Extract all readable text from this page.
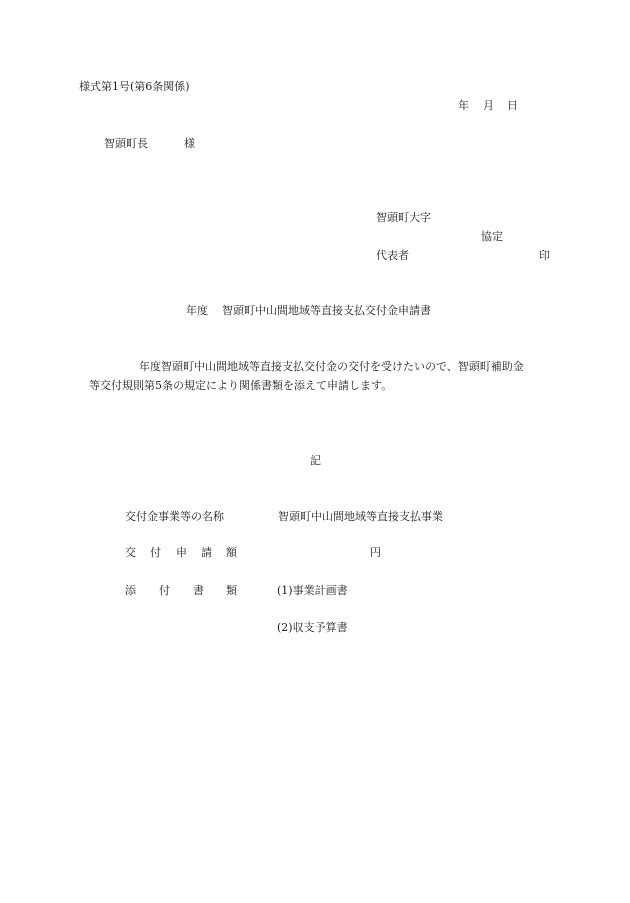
様式第1号(第6条関係)
年 月 日
智頭町長	様
智頭町大字
協定
代表者	印
年度 智頭町中山間地域等直接支払交付金申請書
年度智頭町中山間地域等直接支払交付金の交付を受けたいので、智頭町補助金
等交付規則第5条の規定により関係書類を添えて申請します。
記
交付金事業等の名称	智頭町中山間地域等直接支払事業
交 付 申 請 額	円
添 付 書 類	(1)事業計画書
(2)収支予算書
